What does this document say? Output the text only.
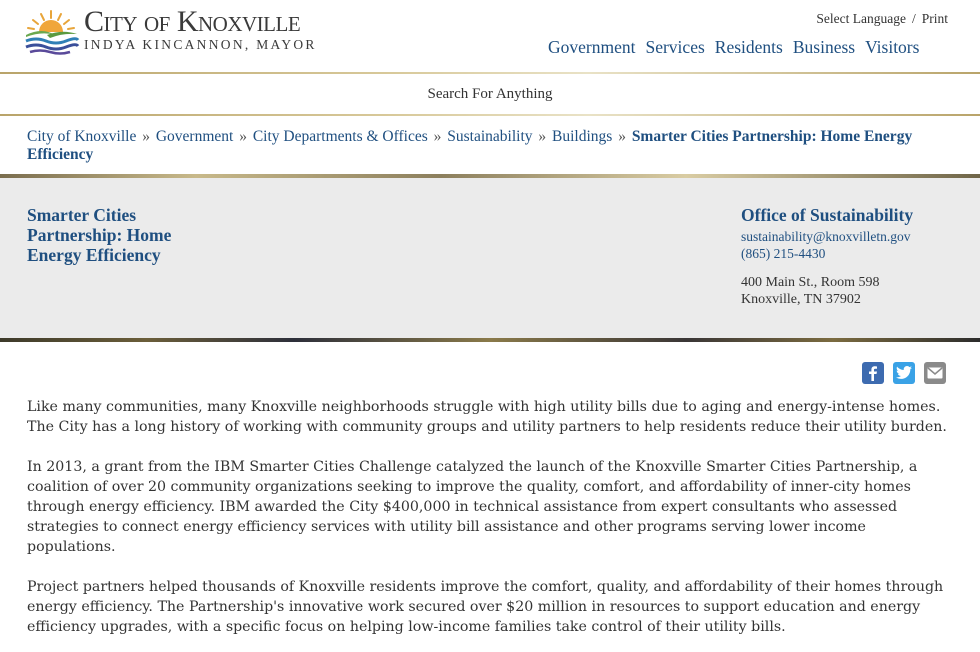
City of Knoxville
INDYA KINCANNON, MAYOR
Select Language / Print
Government Services Residents Business Visitors
Search For Anything
City of Knoxville » Government » City Departments & Offices » Sustainability » Buildings » Smarter Cities Partnership: Home Energy Efficiency
Smarter Cities Partnership: Home Energy Efficiency
Office of Sustainability
sustainability@knoxvilletn.gov
(865) 215-4430
400 Main St., Room 598
Knoxville, TN 37902

Like many communities, many Knoxville neighborhoods struggle with high utility bills due to aging and energy-intense homes. The City has a long history of working with community groups and utility partners to help residents reduce their utility burden.

In 2013, a grant from the IBM Smarter Cities Challenge catalyzed the launch of the Knoxville Smarter Cities Partnership, a coalition of over 20 community organizations seeking to improve the quality, comfort, and affordability of inner-city homes through energy efficiency. IBM awarded the City $400,000 in technical assistance from expert consultants who assessed strategies to connect energy efficiency services with utility bill assistance and other programs serving lower income populations.

Project partners helped thousands of Knoxville residents improve the comfort, quality, and affordability of their homes through energy efficiency. The Partnership's innovative work secured over $20 million in resources to support education and energy efficiency upgrades, with a specific focus on helping low-income families take control of their utility bills.
